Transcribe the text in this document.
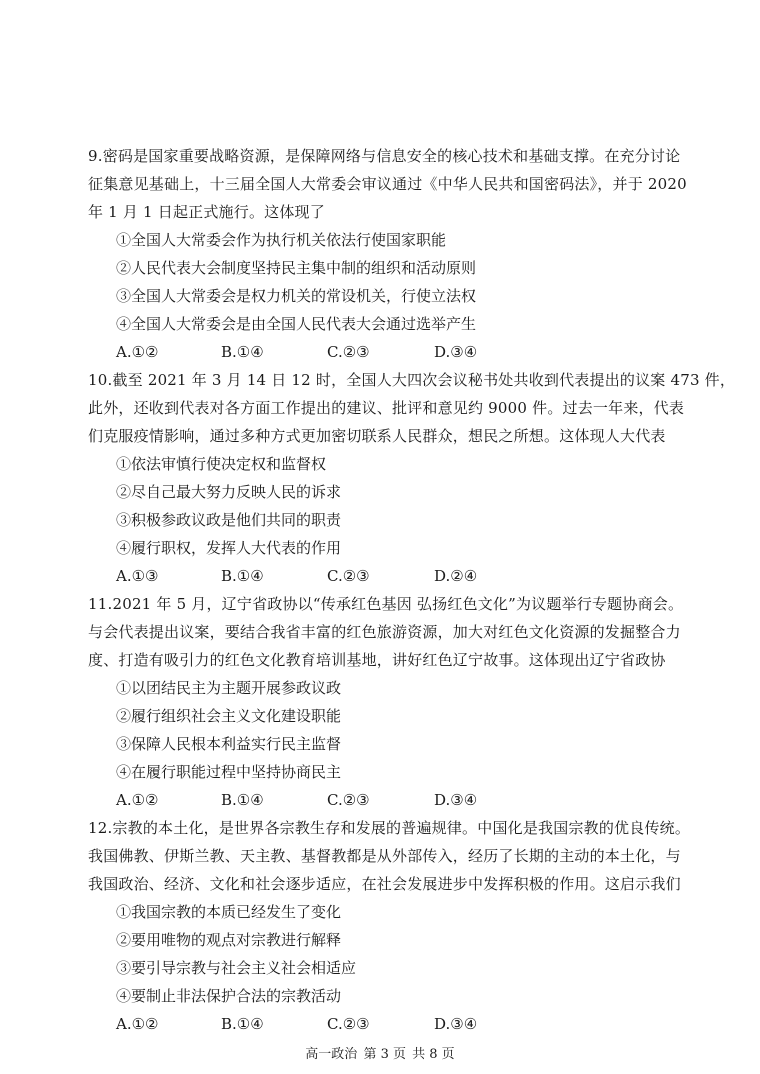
9.密码是国家重要战略资源，是保障网络与信息安全的核心技术和基础支撑。在充分讨论
征集意见基础上，十三届全国人大常委会审议通过《中华人民共和国密码法》，并于 2020
年 1 月 1 日起正式施行。这体现了
①全国人大常委会作为执行机关依法行使国家职能
②人民代表大会制度坚持民主集中制的组织和活动原则
③全国人大常委会是权力机关的常设机关，行使立法权
④全国人大常委会是由全国人民代表大会通过选举产生
A.①②	B.①④	C.②③	D.③④
10.截至 2021 年 3 月 14 日 12 时，全国人大四次会议秘书处共收到代表提出的议案 473 件，
此外，还收到代表对各方面工作提出的建议、批评和意见约 9000 件。过去一年来，代表
们克服疫情影响，通过多种方式更加密切联系人民群众，想民之所想。这体现人大代表
①依法审慎行使决定权和监督权
②尽自己最大努力反映人民的诉求
③积极参政议政是他们共同的职责
④履行职权，发挥人大代表的作用
A.①③	B.①④	C.②③	D.②④
11.2021 年 5 月，辽宁省政协以“传承红色基因 弘扬红色文化”为议题举行专题协商会。
与会代表提出议案，要结合我省丰富的红色旅游资源，加大对红色文化资源的发掘整合力
度、打造有吸引力的红色文化教育培训基地，讲好红色辽宁故事。这体现出辽宁省政协
①以团结民主为主题开展参政议政
②履行组织社会主义文化建设职能
③保障人民根本利益实行民主监督
④在履行职能过程中坚持协商民主
A.①②	B.①④	C.②③	D.③④
12.宗教的本土化，是世界各宗教生存和发展的普遍规律。中国化是我国宗教的优良传统。
我国佛教、伊斯兰教、天主教、基督教都是从外部传入，经历了长期的主动的本土化，与
我国政治、经济、文化和社会逐步适应，在社会发展进步中发挥积极的作用。这启示我们
①我国宗教的本质已经发生了变化
②要用唯物的观点对宗教进行解释
③要引导宗教与社会主义社会相适应
④要制止非法保护合法的宗教活动
A.①②	B.①④	C.②③	D.③④
高一政治 第 3 页 共 8 页
